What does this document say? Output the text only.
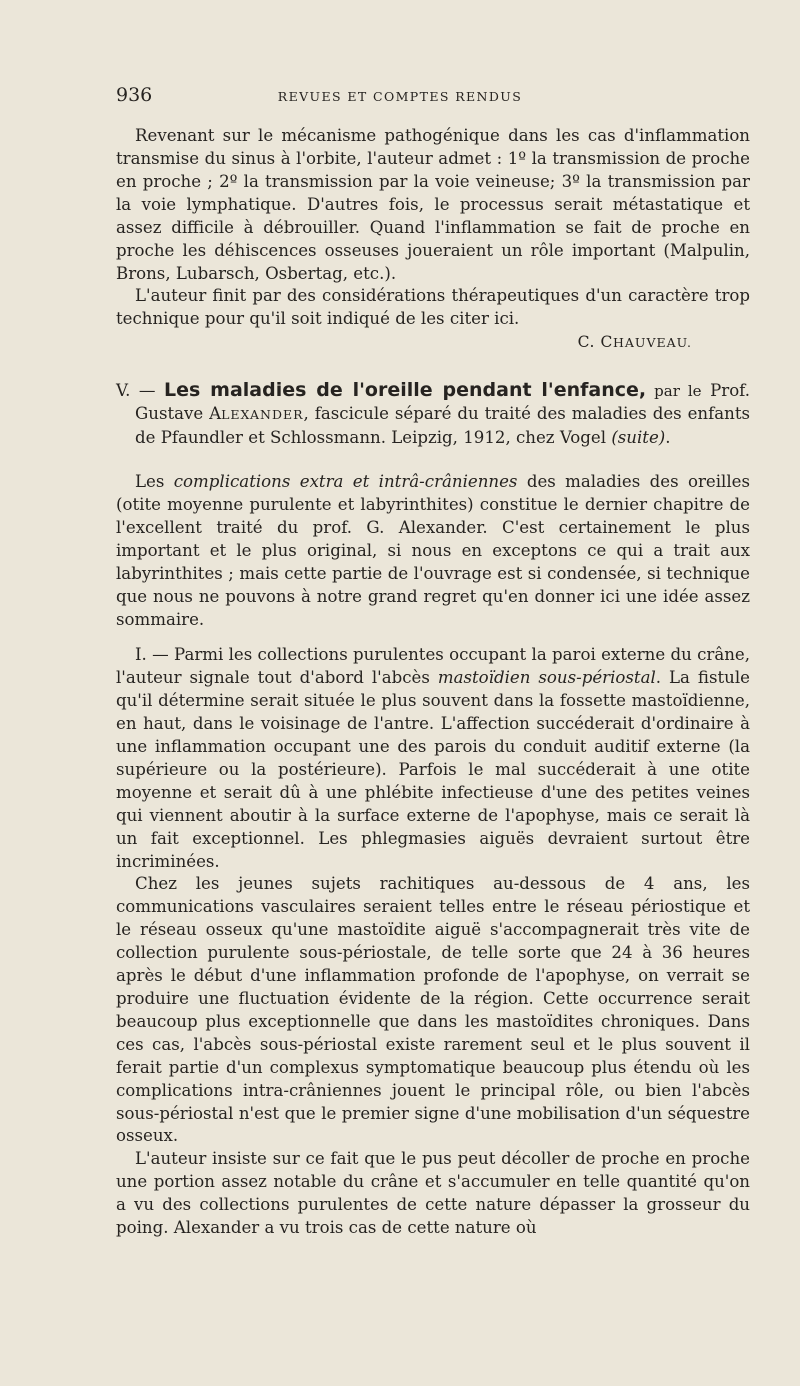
936	REVUES ET COMPTES RENDUS

Revenant sur le mécanisme pathogénique dans les cas d'inflammation transmise du sinus à l'orbite, l'auteur admet : 1º la transmission de proche en proche ; 2º la transmission par la voie veineuse; 3º la transmission par la voie lymphatique. D'autres fois, le processus serait métastatique et assez difficile à débrouiller. Quand l'inflammation se fait de proche en proche les déhiscences osseuses joueraient un rôle important (Malpulin, Brons, Lubarsch, Osbertag, etc.).

L'auteur finit par des considérations thérapeutiques d'un caractère trop technique pour qu'il soit indiqué de les citer ici.

C. CHAUVEAU.

V. — Les maladies de l'oreille pendant l'enfance, par le Prof. Gustave ALEXANDER, fascicule séparé du traité des maladies des enfants de Pfaundler et Schlossmann. Leipzig, 1912, chez Vogel (suite).

Les complications extra et intrâ-crâniennes des maladies des oreilles (otite moyenne purulente et labyrinthites) constitue le dernier chapitre de l'excellent traité du prof. G. Alexander. C'est certainement le plus important et le plus original, si nous en exceptons ce qui a trait aux labyrinthites ; mais cette partie de l'ouvrage est si condensée, si technique que nous ne pouvons à notre grand regret qu'en donner ici une idée assez sommaire.

I. — Parmi les collections purulentes occupant la paroi externe du crâne, l'auteur signale tout d'abord l'abcès mastoïdien sous-périostal. La fistule qu'il détermine serait située le plus souvent dans la fossette mastoïdienne, en haut, dans le voisinage de l'antre. L'affection succéderait d'ordinaire à une inflammation occupant une des parois du conduit auditif externe (la supérieure ou la postérieure). Parfois le mal succéderait à une otite moyenne et serait dû à une phlébite infectieuse d'une des petites veines qui viennent aboutir à la surface externe de l'apophyse, mais ce serait là un fait exceptionnel. Les phlegmasies aiguës devraient surtout être incriminées.

Chez les jeunes sujets rachitiques au-dessous de 4 ans, les communications vasculaires seraient telles entre le réseau périostique et le réseau osseux qu'une mastoïdite aiguë s'accompagnerait très vite de collection purulente sous-périostale, de telle sorte que 24 à 36 heures après le début d'une inflammation profonde de l'apophyse, on verrait se produire une fluctuation évidente de la région. Cette occurrence serait beaucoup plus exceptionnelle que dans les mastoïdites chroniques. Dans ces cas, l'abcès sous-périostal existe rarement seul et le plus souvent il ferait partie d'un complexus symptomatique beaucoup plus étendu où les complications intra-crâniennes jouent le principal rôle, ou bien l'abcès sous-périostal n'est que le premier signe d'une mobilisation d'un séquestre osseux.

L'auteur insiste sur ce fait que le pus peut décoller de proche en proche une portion assez notable du crâne et s'accumuler en telle quantité qu'on a vu des collections purulentes de cette nature dépasser la grosseur du poing. Alexander a vu trois cas de cette nature où
